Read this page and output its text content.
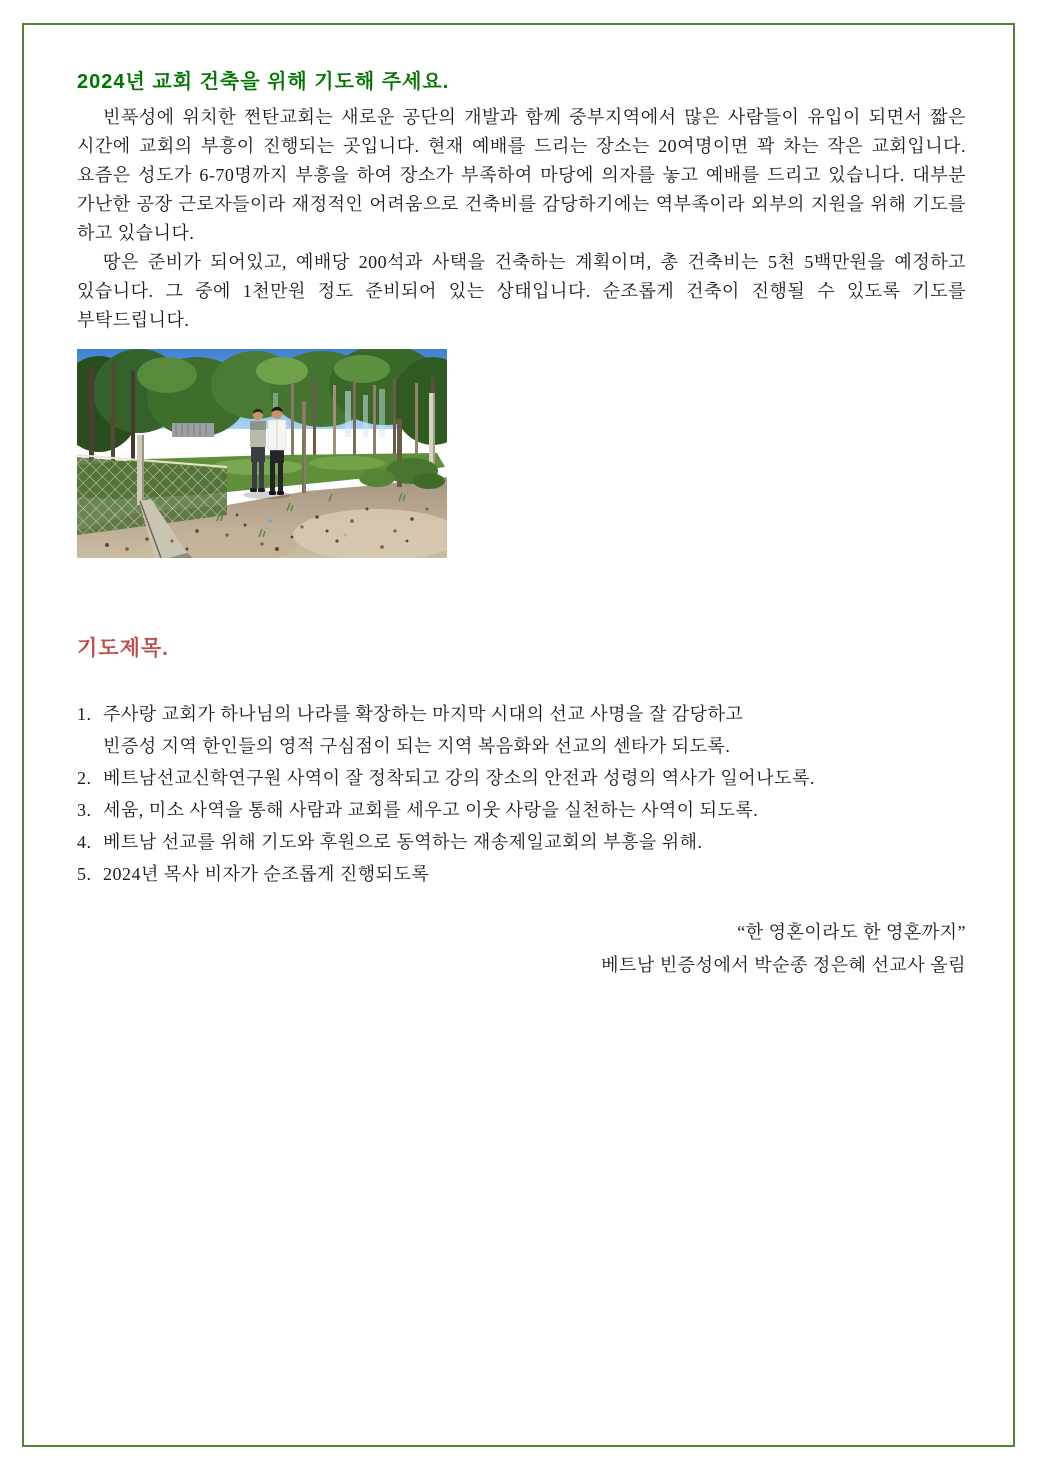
2024년 교회 건축을 위해 기도해 주세요.

빈푹성에 위치한 쩐탄교회는 새로운 공단의 개발과 함께 중부지역에서 많은 사람들이 유입이 되면서 짧은 시간에 교회의 부흥이 진행되는 곳입니다. 현재 예배를 드리는 장소는 20여명이면 꽉 차는 작은 교회입니다. 요즘은 성도가 6-70명까지 부흥을 하여 장소가 부족하여 마당에 의자를 놓고 예배를 드리고 있습니다. 대부분 가난한 공장 근로자들이라 재정적인 어려움으로 건축비를 감당하기에는 역부족이라 외부의 지원을 위해 기도를 하고 있습니다.

땅은 준비가 되어있고, 예배당 200석과 사택을 건축하는 계획이며, 총 건축비는 5천 5백만원을 예정하고 있습니다. 그 중에 1천만원 정도 준비되어 있는 상태입니다. 순조롭게 건축이 진행될 수 있도록 기도를 부탁드립니다.

기도제목.
1. 주사랑 교회가 하나님의 나라를 확장하는 마지막 시대의 선교 사명을 잘 감당하고
빈증성 지역 한인들의 영적 구심점이 되는 지역 복음화와 선교의 센타가 되도록.
2. 베트남선교신학연구원 사역이 잘 정착되고 강의 장소의 안전과 성령의 역사가 일어나도록.
3. 세움, 미소 사역을 통해 사람과 교회를 세우고 이웃 사랑을 실천하는 사역이 되도록.
4. 베트남 선교를 위해 기도와 후원으로 동역하는 재송제일교회의 부흥을 위해.
5. 2024년 목사 비자가 순조롭게 진행되도록
“한 영혼이라도 한 영혼까지”
베트남 빈증성에서 박순종 정은혜 선교사 올림
